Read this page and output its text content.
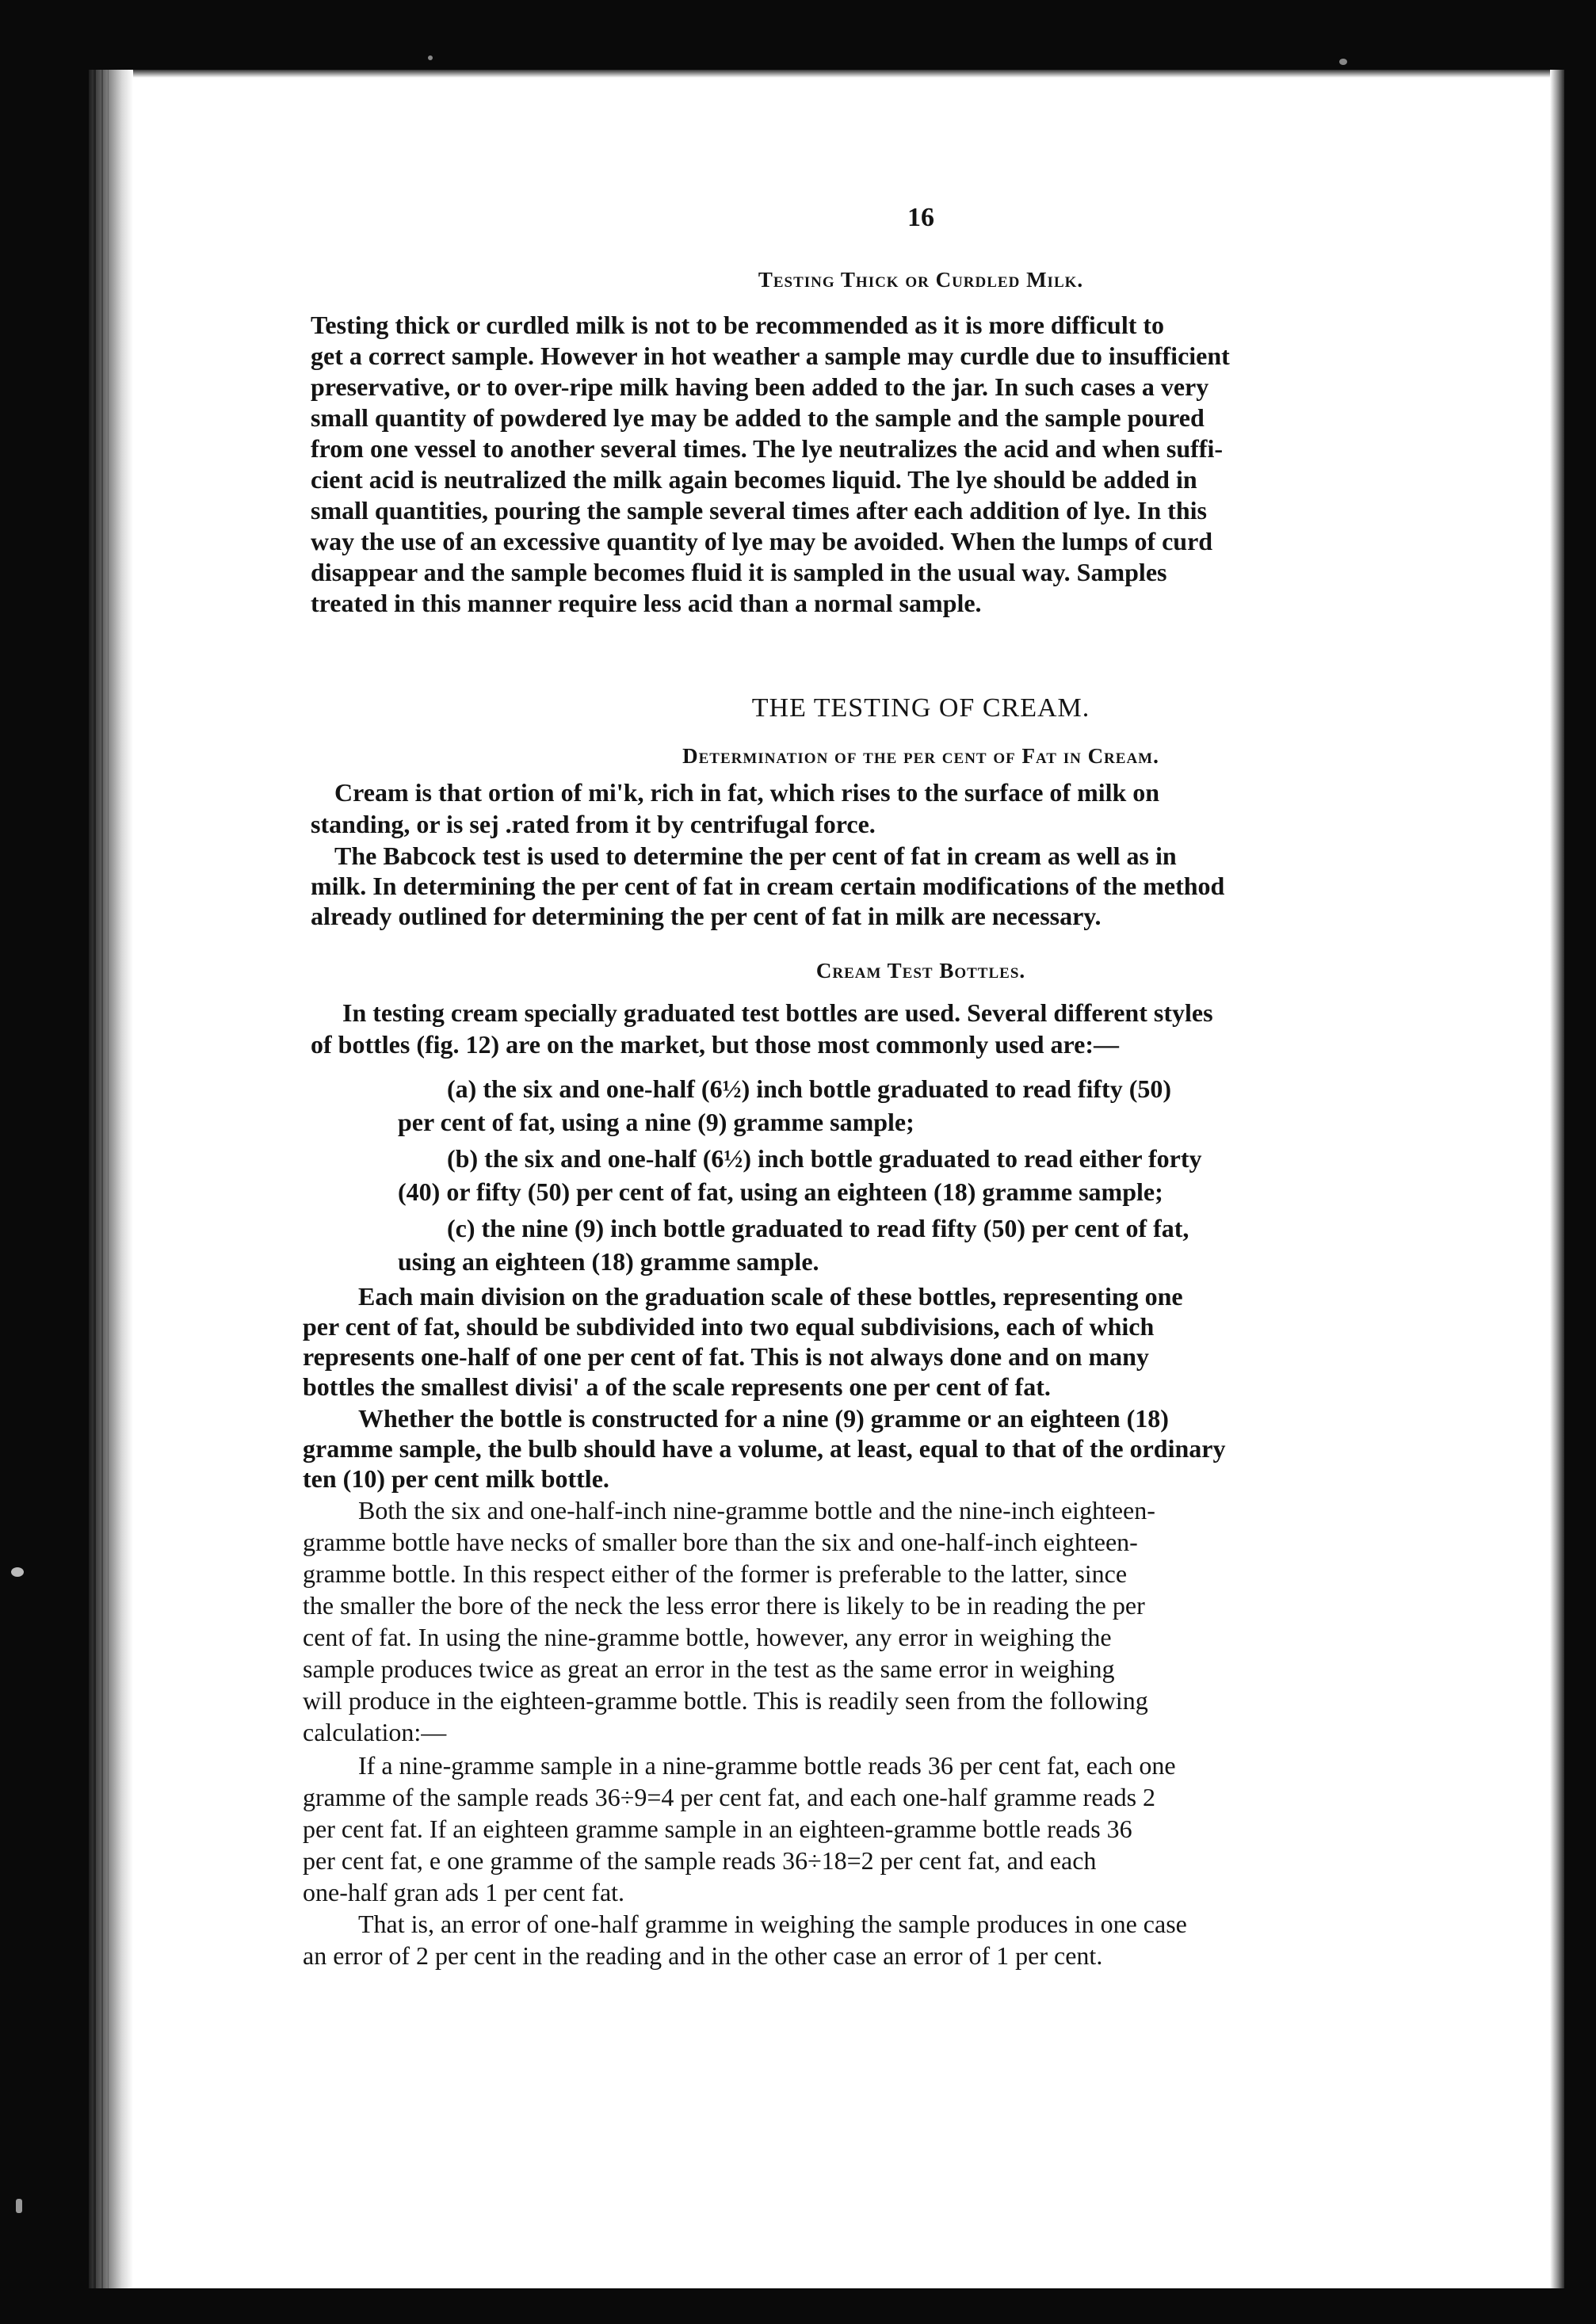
16
Testing Thick or Curdled Milk.
Testing thick or curdled milk is not to be recommended as it is more difficult to
get a correct sample. However in hot weather a sample may curdle due to insufficient
preservative, or to over-ripe milk having been added to the jar. In such cases a very
small quantity of powdered lye may be added to the sample and the sample poured
from one vessel to another several times. The lye neutralizes the acid and when suffi-
cient acid is neutralized the milk again becomes liquid. The lye should be added in
small quantities, pouring the sample several times after each addition of lye. In this
way the use of an excessive quantity of lye may be avoided. When the lumps of curd
disappear and the sample becomes fluid it is sampled in the usual way. Samples
treated in this manner require less acid than a normal sample.
THE TESTING OF CREAM.
Determination of the per cent of Fat in Cream.
Cream is that ortion of mi'k, rich in fat, which rises to the surface of milk on
standing, or is sej .rated from it by centrifugal force.
The Babcock test is used to determine the per cent of fat in cream as well as in
milk. In determining the per cent of fat in cream certain modifications of the method
already outlined for determining the per cent of fat in milk are necessary.
Cream Test Bottles.
In testing cream specially graduated test bottles are used. Several different styles
of bottles (fig. 12) are on the market, but those most commonly used are:—
(a) the six and one-half (6½) inch bottle graduated to read fifty (50)
per cent of fat, using a nine (9) gramme sample;
(b) the six and one-half (6½) inch bottle graduated to read either forty
(40) or fifty (50) per cent of fat, using an eighteen (18) gramme sample;
(c) the nine (9) inch bottle graduated to read fifty (50) per cent of fat,
using an eighteen (18) gramme sample.
Each main division on the graduation scale of these bottles, representing one
per cent of fat, should be subdivided into two equal subdivisions, each of which
represents one-half of one per cent of fat. This is not always done and on many
bottles the smallest divisi' a of the scale represents one per cent of fat.
Whether the bottle is constructed for a nine (9) gramme or an eighteen (18)
gramme sample, the bulb should have a volume, at least, equal to that of the ordinary
ten (10) per cent milk bottle.
Both the six and one-half-inch nine-gramme bottle and the nine-inch eighteen-
gramme bottle have necks of smaller bore than the six and one-half-inch eighteen-
gramme bottle. In this respect either of the former is preferable to the latter, since
the smaller the bore of the neck the less error there is likely to be in reading the per
cent of fat. In using the nine-gramme bottle, however, any error in weighing the
sample produces twice as great an error in the test as the same error in weighing
will produce in the eighteen-gramme bottle. This is readily seen from the following
calculation:—
If a nine-gramme sample in a nine-gramme bottle reads 36 per cent fat, each one
gramme of the sample reads 36÷9=4 per cent fat, and each one-half gramme reads 2
per cent fat. If an eighteen gramme sample in an eighteen-gramme bottle reads 36
per cent fat, e one gramme of the sample reads 36÷18=2 per cent fat, and each
one-half gran ads 1 per cent fat.
That is, an error of one-half gramme in weighing the sample produces in one case
an error of 2 per cent in the reading and in the other case an error of 1 per cent.
